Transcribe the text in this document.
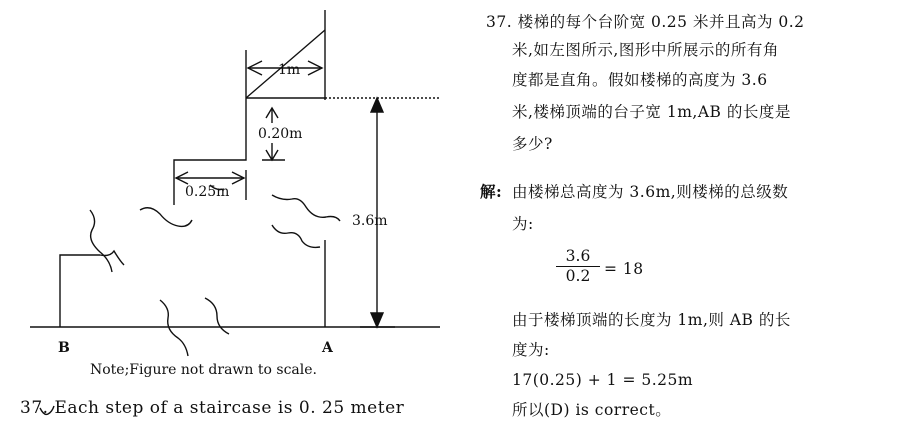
1m
0.20m
0.25m
3.6m
B	A
Note;Figure not drawn to scale.
37. Each step of a staircase is 0. 25 meter
37. 楼梯的每个台阶宽 0.25 米并且高为 0.2
米,如左图所示,图形中所展示的所有角
度都是直角。假如楼梯的高度为 3.6
米,楼梯顶端的台子宽 1m,AB 的长度是
多少?
解: 由楼梯总高度为 3.6m,则楼梯的总级数
为:
$\frac{3.6}{0.2} = 18$
由于楼梯顶端的长度为 1m,则 AB 的长
度为:
17(0.25) + 1 = 5.25m
所以(D) is correct。
